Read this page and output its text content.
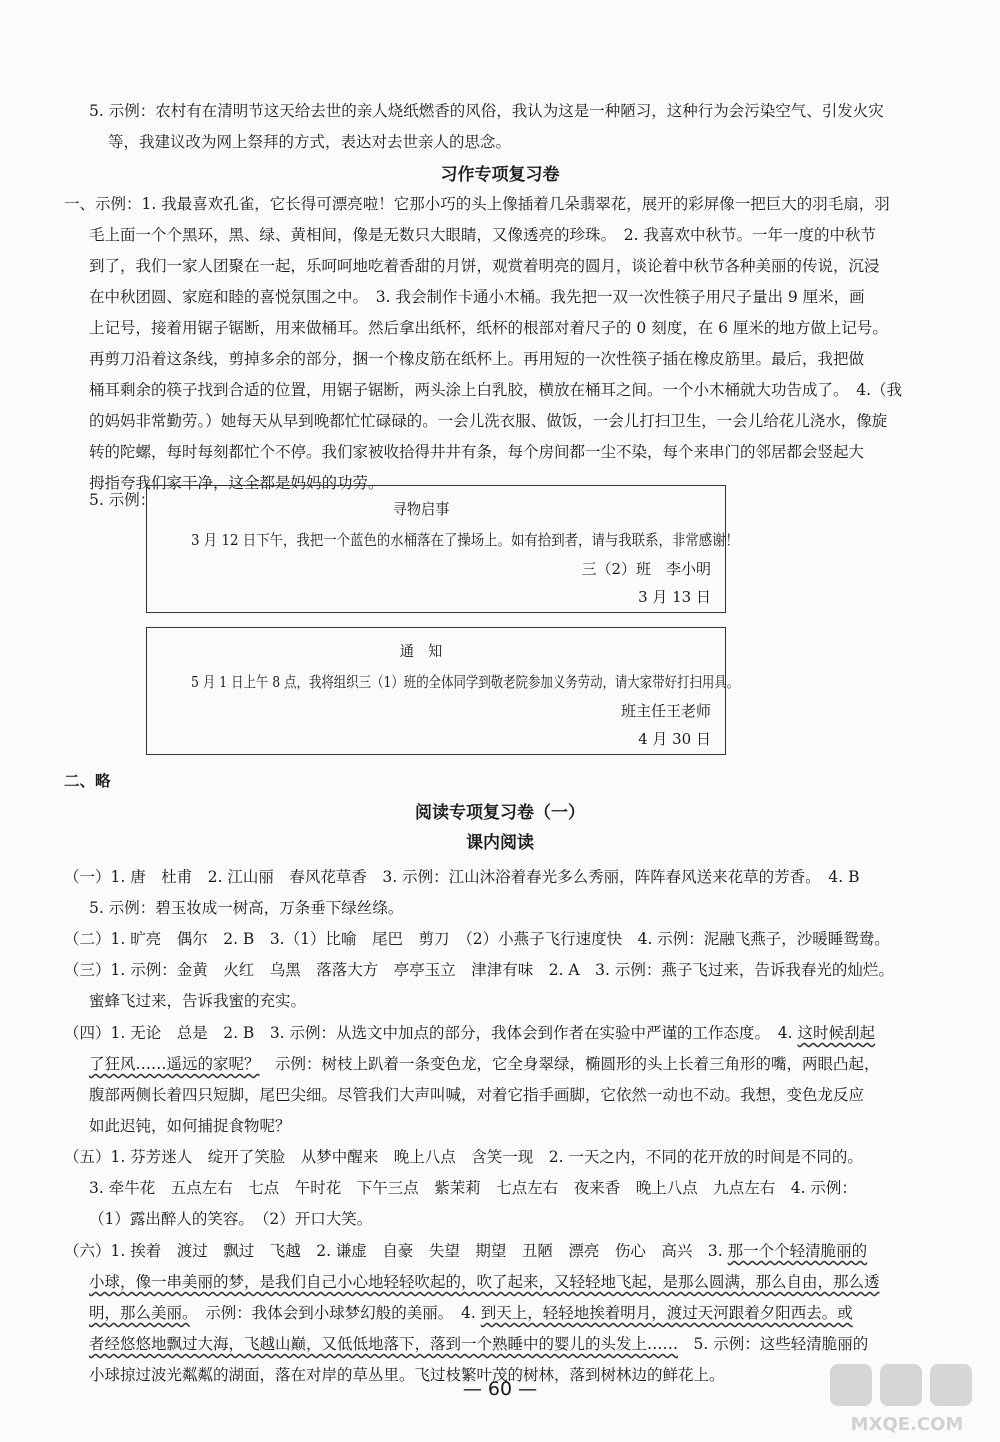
5. 示例：农村有在清明节这天给去世的亲人烧纸燃香的风俗，我认为这是一种陋习，这种行为会污染空气、引发火灾

等，我建议改为网上祭拜的方式，表达对去世亲人的思念。

习作专项复习卷

一、示例：1. 我最喜欢孔雀，它长得可漂亮啦！它那小巧的头上像插着几朵翡翠花，展开的彩屏像一把巨大的羽毛扇，羽

毛上面一个个黑环，黑、绿、黄相间，像是无数只大眼睛，又像透亮的珍珠。　2. 我喜欢中秋节。一年一度的中秋节

到了，我们一家人团聚在一起，乐呵呵地吃着香甜的月饼，观赏着明亮的圆月，谈论着中秋节各种美丽的传说，沉浸

在中秋团圆、家庭和睦的喜悦氛围之中。　3. 我会制作卡通小木桶。我先把一双一次性筷子用尺子量出 9 厘米，画

上记号，接着用锯子锯断，用来做桶耳。然后拿出纸杯，纸杯的根部对着尺子的 0 刻度，在 6 厘米的地方做上记号。

再剪刀沿着这条线，剪掉多余的部分，捆一个橡皮筋在纸杯上。再用短的一次性筷子插在橡皮筋里。最后，我把做

桶耳剩余的筷子找到合适的位置，用锯子锯断，两头涂上白乳胶，横放在桶耳之间。一个小木桶就大功告成了。　4.（我

的妈妈非常勤劳。）她每天从早到晚都忙忙碌碌的。一会儿洗衣服、做饭，一会儿打扫卫生，一会儿给花儿浇水，像旋

转的陀螺，每时每刻都忙个不停。我们家被收拾得井井有条，每个房间都一尘不染，每个来串门的邻居都会竖起大

拇指夸我们家干净，这全都是妈妈的功劳。

5. 示例：	寻物启事
3 月 12 日下午，我把一个蓝色的水桶落在了操场上。如有拾到者，请与我联系，非常感谢！
三（2）班　李小明
3 月 13 日
通　知
5 月 1 日上午 8 点，我将组织三（1）班的全体同学到敬老院参加义务劳动，请大家带好打扫用具。
班主任王老师
4 月 30 日

二、略

阅读专项复习卷（一）
课内阅读

（一）1. 唐　杜甫　2. 江山丽　春风花草香　3. 示例：江山沐浴着春光多么秀丽，阵阵春风送来花草的芳香。　4. B

5. 示例：碧玉妆成一树高，万条垂下绿丝绦。

（二）1. 旷亮　偶尔　2. B　3.（1）比喻　尾巴　剪刀　（2）小燕子飞行速度快　4. 示例：泥融飞燕子，沙暖睡鸳鸯。

（三）1. 示例：金黄　火红　乌黑　落落大方　亭亭玉立　津津有味　2. A　3. 示例：燕子飞过来，告诉我春光的灿烂。

蜜蜂飞过来，告诉我蜜的充实。

（四）1. 无论　总是　2. B　3. 示例：从选文中加点的部分，我体会到作者在实验中严谨的工作态度。　4. 这时候刮起

了狂风……遥远的家呢？　示例：树枝上趴着一条变色龙，它全身翠绿，椭圆形的头上长着三角形的嘴，两眼凸起，

腹部两侧长着四只短脚，尾巴尖细。尽管我们大声叫喊，对着它指手画脚，它依然一动也不动。我想，变色龙反应

如此迟钝，如何捕捉食物呢？

（五）1. 芬芳迷人　绽开了笑脸　从梦中醒来　晚上八点　含笑一现　2. 一天之内，不同的花开放的时间是不同的。

3. 牵牛花　五点左右　七点　午时花　下午三点　紫茉莉　七点左右　夜来香　晚上八点　九点左右　4. 示例：

（1）露出醉人的笑容。　（2）开口大笑。

（六）1. 挨着　渡过　飘过　飞越　2. 谦虚　自豪　失望　期望　丑陋　漂亮　伤心　高兴　3. 那一个个轻清脆丽的

小球，像一串美丽的梦，是我们自己小心地轻轻吹起的，吹了起来，又轻轻地飞起，是那么圆满，那么自由，那么透

明，那么美丽。　示例：我体会到小球梦幻般的美丽。　4. 到天上，轻轻地挨着明月，渡过天河跟着夕阳西去。或

者经悠悠地飘过大海，飞越山巅，又低低地落下，落到一个熟睡中的婴儿的头发上……　5. 示例：这些轻清脆丽的

小球掠过波光粼粼的湖面，落在对岸的草丛里。飞过枝繁叶茂的树林，落到树林边的鲜花上。

— 60 —
MXQE.COM
